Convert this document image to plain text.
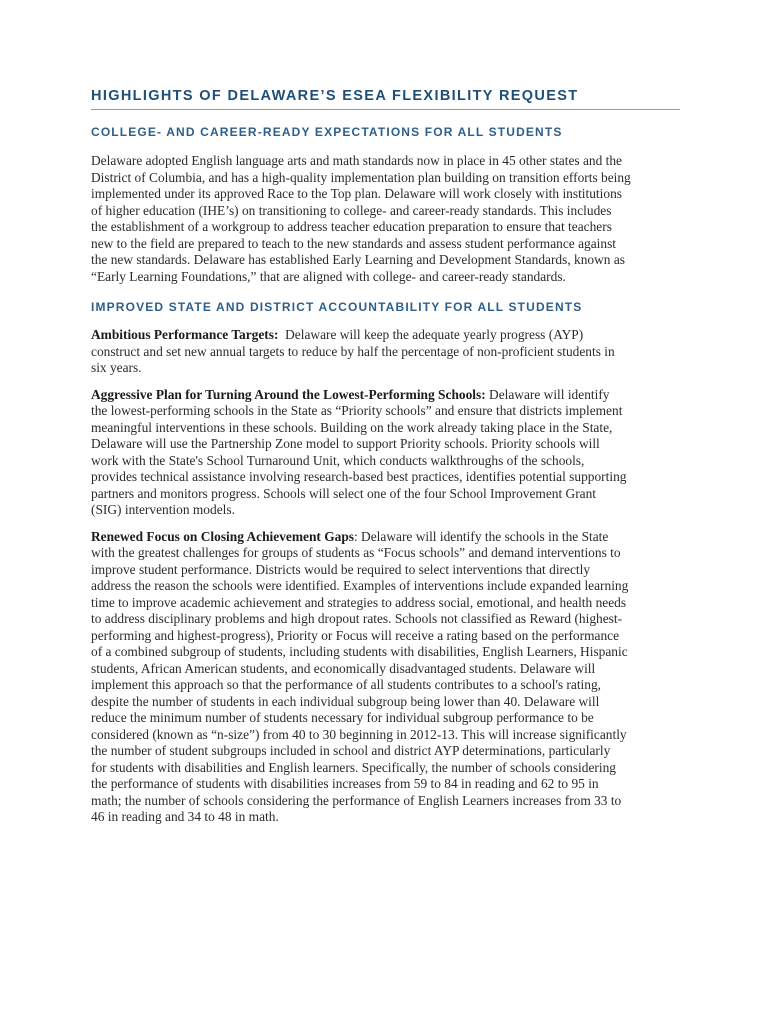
HIGHLIGHTS OF DELAWARE’S ESEA FLEXIBILITY REQUEST
COLLEGE- AND CAREER-READY EXPECTATIONS FOR ALL STUDENTS

Delaware adopted English language arts and math standards now in place in 45 other states and the
District of Columbia, and has a high-quality implementation plan building on transition efforts being
implemented under its approved Race to the Top plan. Delaware will work closely with institutions
of higher education (IHE’s) on transitioning to college- and career-ready standards. This includes
the establishment of a workgroup to address teacher education preparation to ensure that teachers
new to the field are prepared to teach to the new standards and assess student performance against
the new standards. Delaware has established Early Learning and Development Standards, known as
“Early Learning Foundations,” that are aligned with college- and career-ready standards.

IMPROVED STATE AND DISTRICT ACCOUNTABILITY FOR ALL STUDENTS

Ambitious Performance Targets:  Delaware will keep the adequate yearly progress (AYP)
construct and set new annual targets to reduce by half the percentage of non-proficient students in
six years.

Aggressive Plan for Turning Around the Lowest-Performing Schools: Delaware will identify
the lowest-performing schools in the State as “Priority schools” and ensure that districts implement
meaningful interventions in these schools. Building on the work already taking place in the State,
Delaware will use the Partnership Zone model to support Priority schools. Priority schools will
work with the State's School Turnaround Unit, which conducts walkthroughs of the schools,
provides technical assistance involving research-based best practices, identifies potential supporting
partners and monitors progress. Schools will select one of the four School Improvement Grant
(SIG) intervention models.

Renewed Focus on Closing Achievement Gaps: Delaware will identify the schools in the State
with the greatest challenges for groups of students as “Focus schools” and demand interventions to
improve student performance. Districts would be required to select interventions that directly
address the reason the schools were identified. Examples of interventions include expanded learning
time to improve academic achievement and strategies to address social, emotional, and health needs
to address disciplinary problems and high dropout rates. Schools not classified as Reward (highest-
performing and highest-progress), Priority or Focus will receive a rating based on the performance
of a combined subgroup of students, including students with disabilities, English Learners, Hispanic
students, African American students, and economically disadvantaged students. Delaware will
implement this approach so that the performance of all students contributes to a school's rating,
despite the number of students in each individual subgroup being lower than 40. Delaware will
reduce the minimum number of students necessary for individual subgroup performance to be
considered (known as “n-size”) from 40 to 30 beginning in 2012-13. This will increase significantly
the number of student subgroups included in school and district AYP determinations, particularly
for students with disabilities and English learners. Specifically, the number of schools considering
the performance of students with disabilities increases from 59 to 84 in reading and 62 to 95 in
math; the number of schools considering the performance of English Learners increases from 33 to
46 in reading and 34 to 48 in math.
